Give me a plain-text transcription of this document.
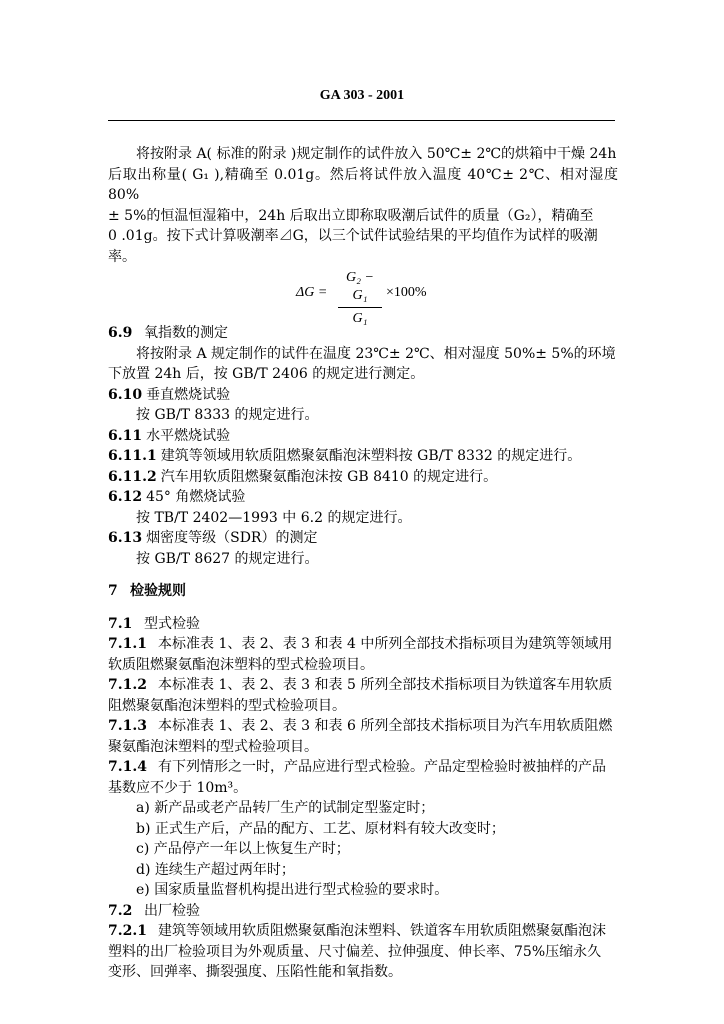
GA 303 - 2001
将按附录 A( 标准的附录 )规定制作的试件放入 50℃± 2℃的烘箱中干燥 24h
后取出称量( G₁ ),精确至 0.01g。然后将试件放入温度 40℃± 2℃、相对湿度 80%
± 5%的恒温恒湿箱中，24h 后取出立即称取吸潮后试件的质量（G₂），精确至
0 .01g。按下式计算吸潮率⊿G，以三个试件试验结果的平均值作为试样的吸潮
率。
ΔG =
G₂ − G₁
G₁
×100%
6.9 氧指数的测定
将按附录 A 规定制作的试件在温度 23℃± 2℃、相对湿度 50%± 5%的环境
下放置 24h 后，按 GB/T 2406 的规定进行测定。
6.10 垂直燃烧试验
按 GB/T 8333 的规定进行。
6.11 水平燃烧试验
6.11.1 建筑等领域用软质阻燃聚氨酯泡沫塑料按 GB/T 8332 的规定进行。
6.11.2 汽车用软质阻燃聚氨酯泡沫按 GB 8410 的规定进行。
6.12 45° 角燃烧试验
按 TB/T 2402—1993 中 6.2 的规定进行。
6.13 烟密度等级（SDR）的测定
按 GB/T 8627 的规定进行。
7 检验规则
7.1 型式检验
7.1.1 本标准表 1、表 2、表 3 和表 4 中所列全部技术指标项目为建筑等领域用
软质阻燃聚氨酯泡沫塑料的型式检验项目。
7.1.2 本标准表 1、表 2、表 3 和表 5 所列全部技术指标项目为铁道客车用软质
阻燃聚氨酯泡沫塑料的型式检验项目。
7.1.3 本标准表 1、表 2、表 3 和表 6 所列全部技术指标项目为汽车用软质阻燃
聚氨酯泡沫塑料的型式检验项目。
7.1.4 有下列情形之一时，产品应进行型式检验。产品定型检验时被抽样的产品
基数应不少于 10m³。
a) 新产品或老产品转厂生产的试制定型鉴定时；
b) 正式生产后，产品的配方、工艺、原材料有较大改变时；
c) 产品停产一年以上恢复生产时；
d) 连续生产超过两年时；
e) 国家质量监督机构提出进行型式检验的要求时。
7.2 出厂检验
7.2.1 建筑等领域用软质阻燃聚氨酯泡沫塑料、铁道客车用软质阻燃聚氨酯泡沫
塑料的出厂检验项目为外观质量、尺寸偏差、拉伸强度、伸长率、75%压缩永久
变形、回弹率、撕裂强度、压陷性能和氧指数。
